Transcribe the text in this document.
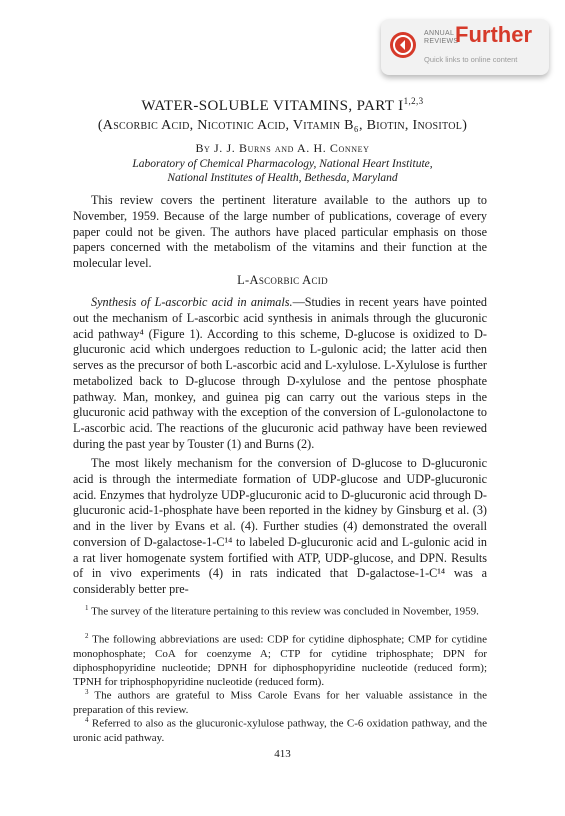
ANNUAL
REVIEWS
Further
Quick links to online content
WATER-SOLUBLE VITAMINS, PART I$^{1,2,3}$
(Ascorbic Acid, Nicotinic Acid, Vitamin B₆, Biotin, Inositol)
By J. J. Burns and A. H. Conney
Laboratory of Chemical Pharmacology, National Heart Institute,
National Institutes of Health, Bethesda, Maryland

This review covers the pertinent literature available to the authors up to November, 1959. Because of the large number of publications, coverage of every paper could not be given. The authors have placed particular emphasis on those papers concerned with the metabolism of the vitamins and their function at the molecular level.

L-Ascorbic Acid

Synthesis of L-ascorbic acid in animals.—Studies in recent years have pointed out the mechanism of L-ascorbic acid synthesis in animals through the glucuronic acid pathway⁴ (Figure 1). According to this scheme, D-glucose is oxidized to D-glucuronic acid which undergoes reduction to L-gulonic acid; the latter acid then serves as the precursor of both L-ascorbic acid and L-xylulose. L-Xylulose is further metabolized back to D-glucose through D-xylulose and the pentose phosphate pathway. Man, monkey, and guinea pig can carry out the various steps in the glucuronic acid pathway with the exception of the conversion of L-gulonolactone to L-ascorbic acid. The reactions of the glucuronic acid pathway have been reviewed during the past year by Touster (1) and Burns (2).

The most likely mechanism for the conversion of D-glucose to D-glucuronic acid is through the intermediate formation of UDP-glucose and UDP-glucuronic acid. Enzymes that hydrolyze UDP-glucuronic acid to D-glucuronic acid through D-glucuronic acid-1-phosphate have been reported in the kidney by Ginsburg et al. (3) and in the liver by Evans et al. (4). Further studies (4) demonstrated the overall conversion of D-galactose-1-C¹⁴ to labeled D-glucuronic acid and L-gulonic acid in a rat liver homogenate system fortified with ATP, UDP-glucose, and DPN. Results of in vivo experiments (4) in rats indicated that D-galactose-1-C¹⁴ was a considerably better pre-

$^1$ The survey of the literature pertaining to this review was concluded in November, 1959.

$^2$ The following abbreviations are used: CDP for cytidine diphosphate; CMP for cytidine monophosphate; CoA for coenzyme A; CTP for cytidine triphosphate; DPN for diphosphopyridine nucleotide; DPNH for diphosphopyridine nucleotide (reduced form); TPNH for triphosphopyridine nucleotide (reduced form).

$^3$ The authors are grateful to Miss Carole Evans for her valuable assistance in the preparation of this review.

$^4$ Referred to also as the glucuronic-xylulose pathway, the C-6 oxidation pathway, and the uronic acid pathway.

413
